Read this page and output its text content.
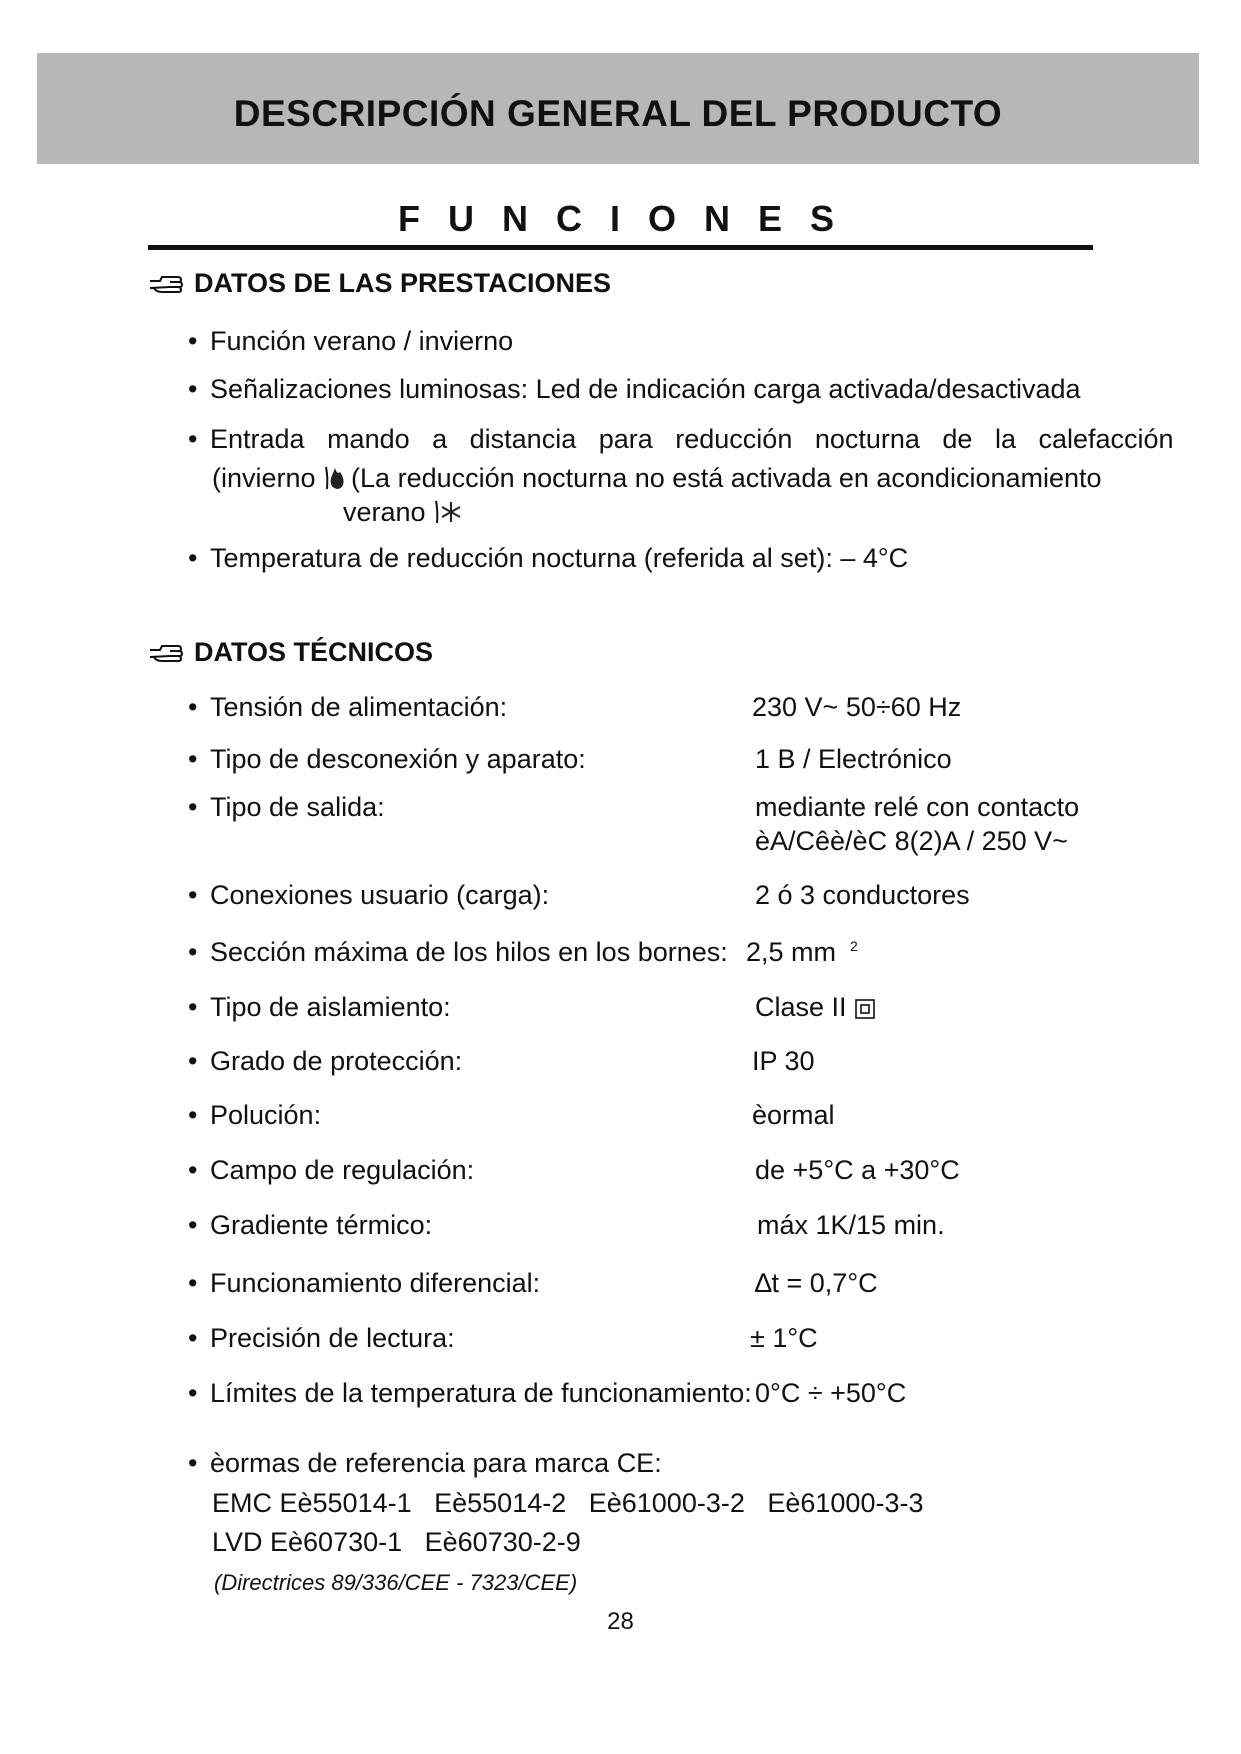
DESCRIPCIÓN GENERAL DEL PRODUCTO
F U N C I O N E S
DATOS DE LAS PRESTACIONES
• Función verano / invierno
• Señalizaciones luminosas: Led de indicación carga activada/desactivada
• Entrada   mando   a   distancia   para   reducción   nocturna   de   la   calefacción
(invierno (La reducción nocturna no está activada en acondicionamiento
verano
• Temperatura de reducción nocturna (referida al set): – 4°C
DATOS TÉCNICOS
• Tensión de alimentación:	230 V~ 50÷60 Hz
• Tipo de desconexión y aparato:	1 B / Electrónico
• Tipo de salida:	mediante relé con contacto
èA/Cêè/èC 8(2)A / 250 V~
• Conexiones usuario (carga):	2 ó 3 conductores
• Sección máxima de los hilos en los bornes: 2,5 mm $^2$
• Tipo de aislamiento:	Clase II
• Grado de protección:	IP 30
• Polución:	èormal
• Campo de regulación:	de +5°C a +30°C
• Gradiente térmico:	máx 1K/15 min.
• Funcionamiento diferencial:	∆t = 0,7°C
• Precisión de lectura:	± 1°C
• Límites de la temperatura de funcionamiento: 0°C ÷ +50°C
• èormas de referencia para marca CE:
EMC Eè55014-1   Eè55014-2   Eè61000-3-2   Eè61000-3-3
LVD Eè60730-1   Eè60730-2-9
(Directrices 89/336/CEE - 7323/CEE)
28
